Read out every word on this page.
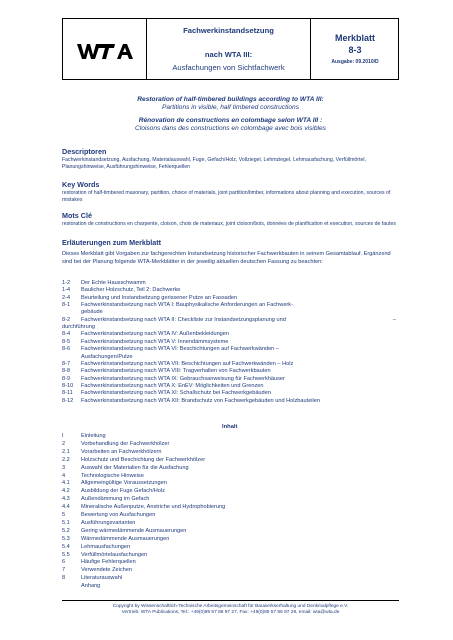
Fachwerkinstandsetzung
nach WTA III:
Ausfachungen von Sichtfachwerk
Merkblatt
8-3
Ausgabe: 09.2010/D
Restoration of half-timbered buildings according to WTA III:
Partitions in visible, half timbered constructions
Rénovation de constructions en colombage selon WTA III :
Cloisons dans des constructions en colombage avec bois visibles
Descriptoren
Fachwerkinstandsetzung, Ausfachung, Materialauswahl, Fuge, Gefach/Holz, Vollziegel, Lehmziegel, Lehmausfachung, Verfüllmörtel, Planungshinweise, Ausführungshinweise, Fehlerquellen
Key Words
restoration of half-timbered masonary, partition, choice of materials, joint partition/timber, informations about planning and execution, sources of mistakes
Mots Clé
restoration de constructions en charpente, cloison, choix de materiaux, joint cloison/bois, données de planification et execution, sources de fautes
Erläuterungen zum Merkblatt
Dieses Merkblatt gibt Vorgaben zur fachgerechten Instandsetzung historischer Fachwerkbauten in seinem Gesamtablauf. Ergänzend sind bei der Planung folgende WTA-Merkblätter in der jeweilig aktuellen deutschen Fassung zu beachten:
1-2 Der Echte Hausschwamm
1-4 Baulicher Holzschutz, Teil 2: Dachwerke
2-4 Beurteilung und Instandsetzung gerissener Putze an Fassaden
8-1 Fachwerkinstandsetzung nach WTA I: Bauphysikalische Anforderungen an Fachwerk-
gebäude
8-2 Fachwerkinstandsetzung nach WTA II: Checkliste zur Instandsetzungsplanung und	–
durchführung
8-4 Fachwerkinstandsetzung nach WTA IV: Außenbekleidungen
8-5 Fachwerkinstandsetzung nach WTA V: Innendämmsysteme
8-6 Fachwerkinstandsetzung nach WTA VI: Beschichtungen auf Fachwerkwänden –
Ausfachungen/Putze
8-7 Fachwerkinstandsetzung nach WTA VII: Beschichtungen auf Fachwerkwänden – Holz
8-8 Fachwerkinstandsetzung nach WTA VIII: Tragverhalten von Fachwerkbauten
8-9 Fachwerkinstandsetzung nach WTA IX: Gebrauchsanweisung für Fachwerkhäuser
8-10 Fachwerkinstandsetzung nach WTA X: EnEV: Möglichkeiten und Grenzen
8-11 Fachwerkinstandsetzung nach WTA XI: Schallschutz bei Fachwerkgebäuden
8-12 Fachwerkinstandsetzung nach WTA XII: Brandschutz von Fachwerkgebäuden und Holzbauteilen
Inhalt
I	Einleitung
2	Vorbehandlung der Fachwerkhölzer
2.1 Vorarbeiten an Fachwerkhölzern
2.2 Holzschutz und Beschichtung der Fachwerkhölzer
3	Auswahl der Materialien für die Ausfachung
4	Technologische Hinweise
4.1 Allgemeingültige Voraussetzungen
4.2 Ausbildung der Fuge Gefach/Holz
4.3 Außendämmung im Gefach
4.4 Mineralische Außenputze, Anstriche und Hydrophobierung
5	Bewertung von Ausfachungen
5.1 Ausführungsvarianten
5.2 Gering wärmedämmende Ausmauerungen
5.3 Wärmedämmende Ausmauerungen
5.4 Lehmausfachungen
5.5 Verfüllmörtelausfachungen
6	Häufige Fehlerquellen
7	Verwendete Zeichen
8	Literaturauswahl
Anhang
Copyright by Wissenschaftlich-Technische Arbeitsgemeinschaft für Bauwerkserhaltung und Denkmalpflege e.V.
Vertrieb: WTA Publications, Tel.: +49(0)89 57 86 97 27, Fax: +49(0)89 57 86 97 29, email: wta@wta.de
